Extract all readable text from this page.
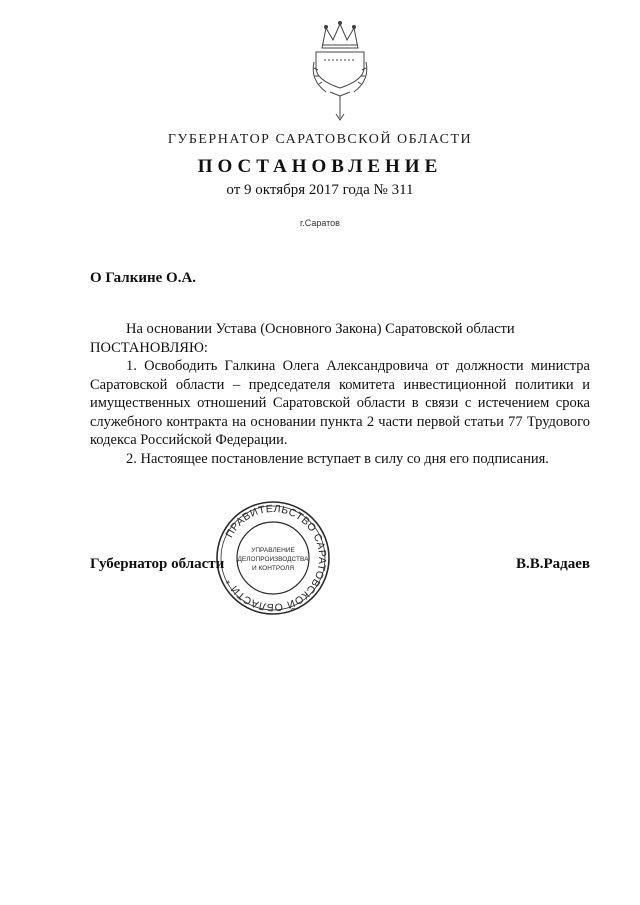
ГУБЕРНАТОР САРАТОВСКОЙ ОБЛАСТИ
ПОСТАНОВЛЕНИЕ
от 9 октября 2017 года № 311
г.Саратов
О Галкине О.А.

На основании Устава (Основного Закона) Саратовской области

ПОСТАНОВЛЯЮ:

1. Освободить Галкина Олега Александровича от должности министра Саратовской области – председателя комитета инвестиционной политики и имущественных отношений Саратовской области в связи с истечением срока служебного контракта на основании пункта 2 части первой статьи 77 Трудового кодекса Российской Федерации.

2. Настоящее постановление вступает в силу со дня его подписания.

ПРАВИТЕЛЬСТВО САРАТОВСКОЙ ОБЛАСТИ *
УПРАВЛЕНИЕ
ДЕЛОПРОИЗВОДСТВА
И КОНТРОЛЯ
Губернатор области	В.В.Радаев
